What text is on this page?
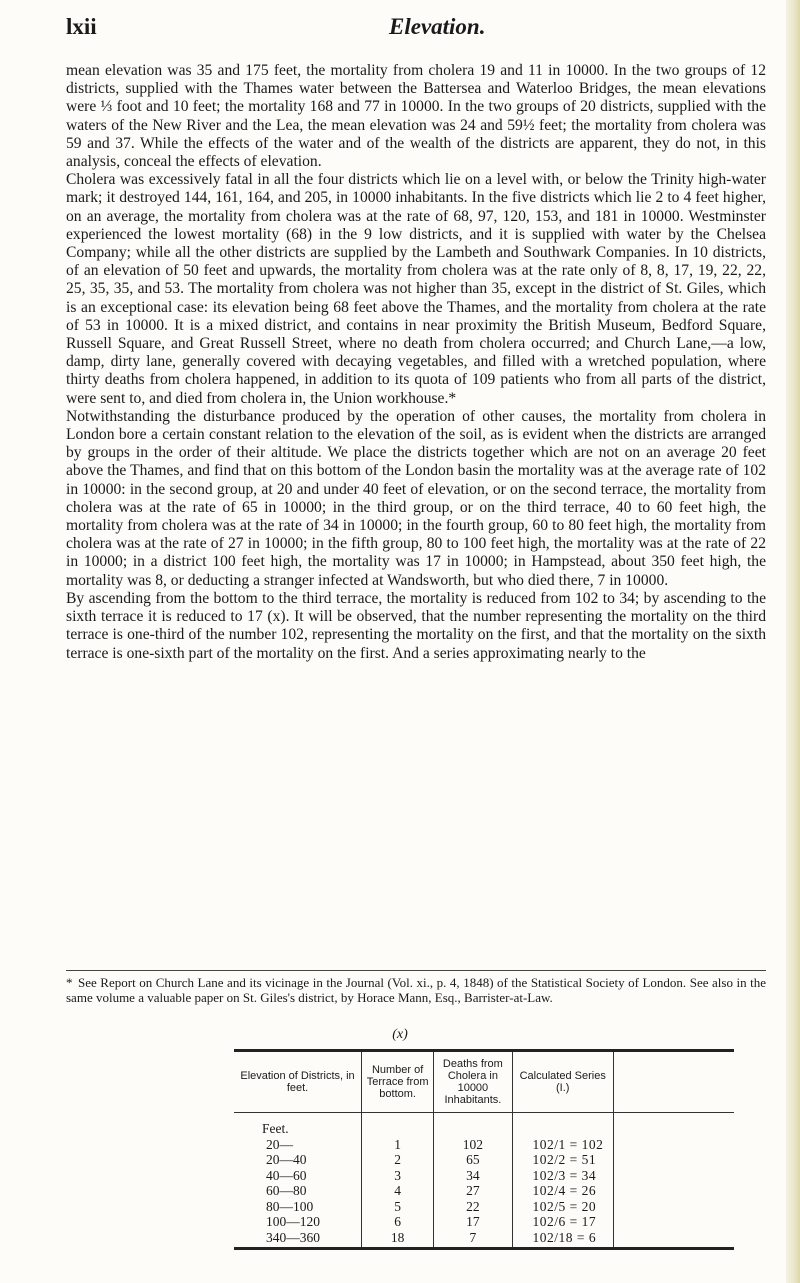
lxii	Elevation.

mean elevation was 35 and 175 feet, the mortality from cholera 19 and 11 in 10000. In the two groups of 12 districts, supplied with the Thames water between the Battersea and Waterloo Bridges, the mean elevations were ⅓ foot and 10 feet; the mortality 168 and 77 in 10000. In the two groups of 20 districts, supplied with the waters of the New River and the Lea, the mean elevation was 24 and 59½ feet; the mortality from cholera was 59 and 37. While the effects of the water and of the wealth of the districts are apparent, they do not, in this analysis, conceal the effects of elevation.

Cholera was excessively fatal in all the four districts which lie on a level with, or below the Trinity high-water mark; it destroyed 144, 161, 164, and 205, in 10000 inhabitants. In the five districts which lie 2 to 4 feet higher, on an average, the mortality from cholera was at the rate of 68, 97, 120, 153, and 181 in 10000. Westminster experienced the lowest mortality (68) in the 9 low districts, and it is supplied with water by the Chelsea Company; while all the other districts are supplied by the Lambeth and Southwark Companies. In 10 districts, of an elevation of 50 feet and upwards, the mortality from cholera was at the rate only of 8, 8, 17, 19, 22, 22, 25, 35, 35, and 53. The mortality from cholera was not higher than 35, except in the district of St. Giles, which is an exceptional case: its elevation being 68 feet above the Thames, and the mortality from cholera at the rate of 53 in 10000. It is a mixed district, and contains in near proximity the British Museum, Bedford Square, Russell Square, and Great Russell Street, where no death from cholera occurred; and Church Lane,—a low, damp, dirty lane, generally covered with decaying vegetables, and filled with a wretched population, where thirty deaths from cholera happened, in addition to its quota of 109 patients who from all parts of the district, were sent to, and died from cholera in, the Union workhouse.*

Notwithstanding the disturbance produced by the operation of other causes, the mortality from cholera in London bore a certain constant relation to the elevation of the soil, as is evident when the districts are arranged by groups in the order of their altitude. We place the districts together which are not on an average 20 feet above the Thames, and find that on this bottom of the London basin the mortality was at the average rate of 102 in 10000: in the second group, at 20 and under 40 feet of elevation, or on the second terrace, the mortality from cholera was at the rate of 65 in 10000; in the third group, or on the third terrace, 40 to 60 feet high, the mortality from cholera was at the rate of 34 in 10000; in the fourth group, 60 to 80 feet high, the mortality from cholera was at the rate of 27 in 10000; in the fifth group, 80 to 100 feet high, the mortality was at the rate of 22 in 10000; in a district 100 feet high, the mortality was 17 in 10000; in Hampstead, about 350 feet high, the mortality was 8, or deducting a stranger infected at Wandsworth, but who died there, 7 in 10000.

By ascending from the bottom to the third terrace, the mortality is reduced from 102 to 34; by ascending to the sixth terrace it is reduced to 17 (x). It will be observed, that the number representing the mortality on the third terrace is one-third of the number 102, representing the mortality on the first, and that the mortality on the sixth terrace is one-sixth part of the mortality on the first. And a series approximating nearly to the

* See Report on Church Lane and its vicinage in the Journal (Vol. xi., p. 4, 1848) of the Statistical Society of London. See also in the same volume a valuable paper on St. Giles's district, by Horace Mann, Esq., Barrister-at-Law.
(x)
Elevation of Districts, in feet.	Number of Terrace from bottom.	Deaths from Cholera in 10000 Inhabitants.	Calculated Series (I.)	
Feet.				
20—	1	102	102/1 = 102	
20—40	2	65	102/2 = 51	
40—60	3	34	102/3 = 34	
60—80	4	27	102/4 = 26	
80—100	5	22	102/5 = 20	
100—120	6	17	102/6 = 17	
340—360	18	7	102/18 = 6	
